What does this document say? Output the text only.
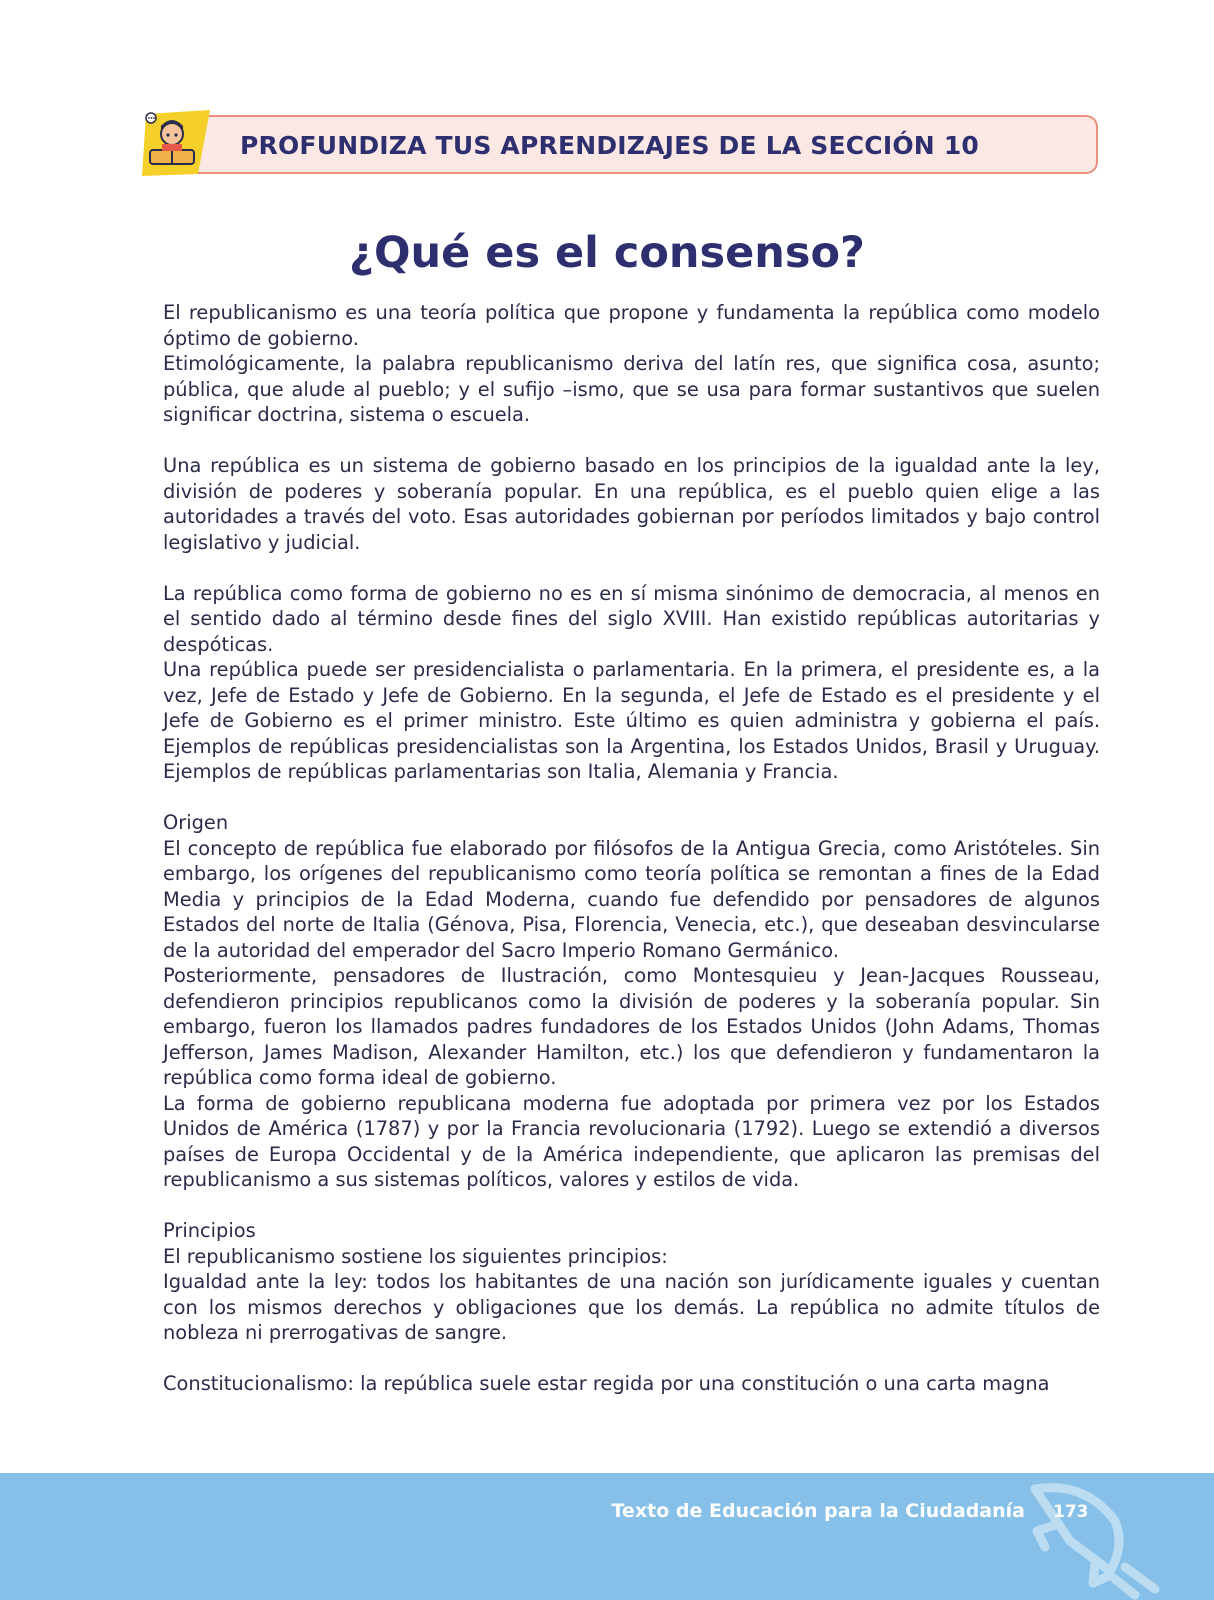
PROFUNDIZA TUS APRENDIZAJES DE LA SECCIÓN 10
¿Qué es el consenso?

El republicanismo es una teoría política que propone y fundamenta la república como modelo óptimo de gobierno.

Etimológicamente, la palabra republicanismo deriva del latín res, que significa cosa, asunto; pública, que alude al pueblo; y el sufijo –ismo, que se usa para formar sustantivos que suelen significar doctrina, sistema o escuela.

Una república es un sistema de gobierno basado en los principios de la igualdad ante la ley, división de poderes y soberanía popular. En una república, es el pueblo quien elige a las autoridades a través del voto. Esas autoridades gobiernan por períodos limitados y bajo control legislativo y judicial.

La república como forma de gobierno no es en sí misma sinónimo de democracia, al menos en el sentido dado al término desde fines del siglo XVIII. Han existido repúblicas autoritarias y despóticas.

Una república puede ser presidencialista o parlamentaria. En la primera, el presidente es, a la vez, Jefe de Estado y Jefe de Gobierno. En la segunda, el Jefe de Estado es el presidente y el Jefe de Gobierno es el primer ministro. Este último es quien administra y gobierna el país. Ejemplos de repúblicas presidencialistas son la Argentina, los Estados Unidos, Brasil y Uruguay. Ejemplos de repúblicas parlamentarias son Italia, Alemania y Francia.

Origen

El concepto de república fue elaborado por filósofos de la Antigua Grecia, como Aristóteles. Sin embargo, los orígenes del republicanismo como teoría política se remontan a fines de la Edad Media y principios de la Edad Moderna, cuando fue defendido por pensadores de algunos Estados del norte de Italia (Génova, Pisa, Florencia, Venecia, etc.), que deseaban desvincularse de la autoridad del emperador del Sacro Imperio Romano Germánico.

Posteriormente, pensadores de Ilustración, como Montesquieu y Jean-Jacques Rousseau, defendieron principios republicanos como la división de poderes y la soberanía popular. Sin embargo, fueron los llamados padres fundadores de los Estados Unidos (John Adams, Thomas Jefferson, James Madison, Alexander Hamilton, etc.) los que defendieron y fundamentaron la república como forma ideal de gobierno.

La forma de gobierno republicana moderna fue adoptada por primera vez por los Estados Unidos de América (1787) y por la Francia revolucionaria (1792). Luego se extendió a diversos países de Europa Occidental y de la América independiente, que aplicaron las premisas del republicanismo a sus sistemas políticos, valores y estilos de vida.

Principios

El republicanismo sostiene los siguientes principios:

Igualdad ante la ley: todos los habitantes de una nación son jurídicamente iguales y cuentan con los mismos derechos y obligaciones que los demás. La república no admite títulos de nobleza ni prerrogativas de sangre.

Constitucionalismo: la república suele estar regida por una constitución o una carta magna

Texto de Educación para la Ciudadanía 173
